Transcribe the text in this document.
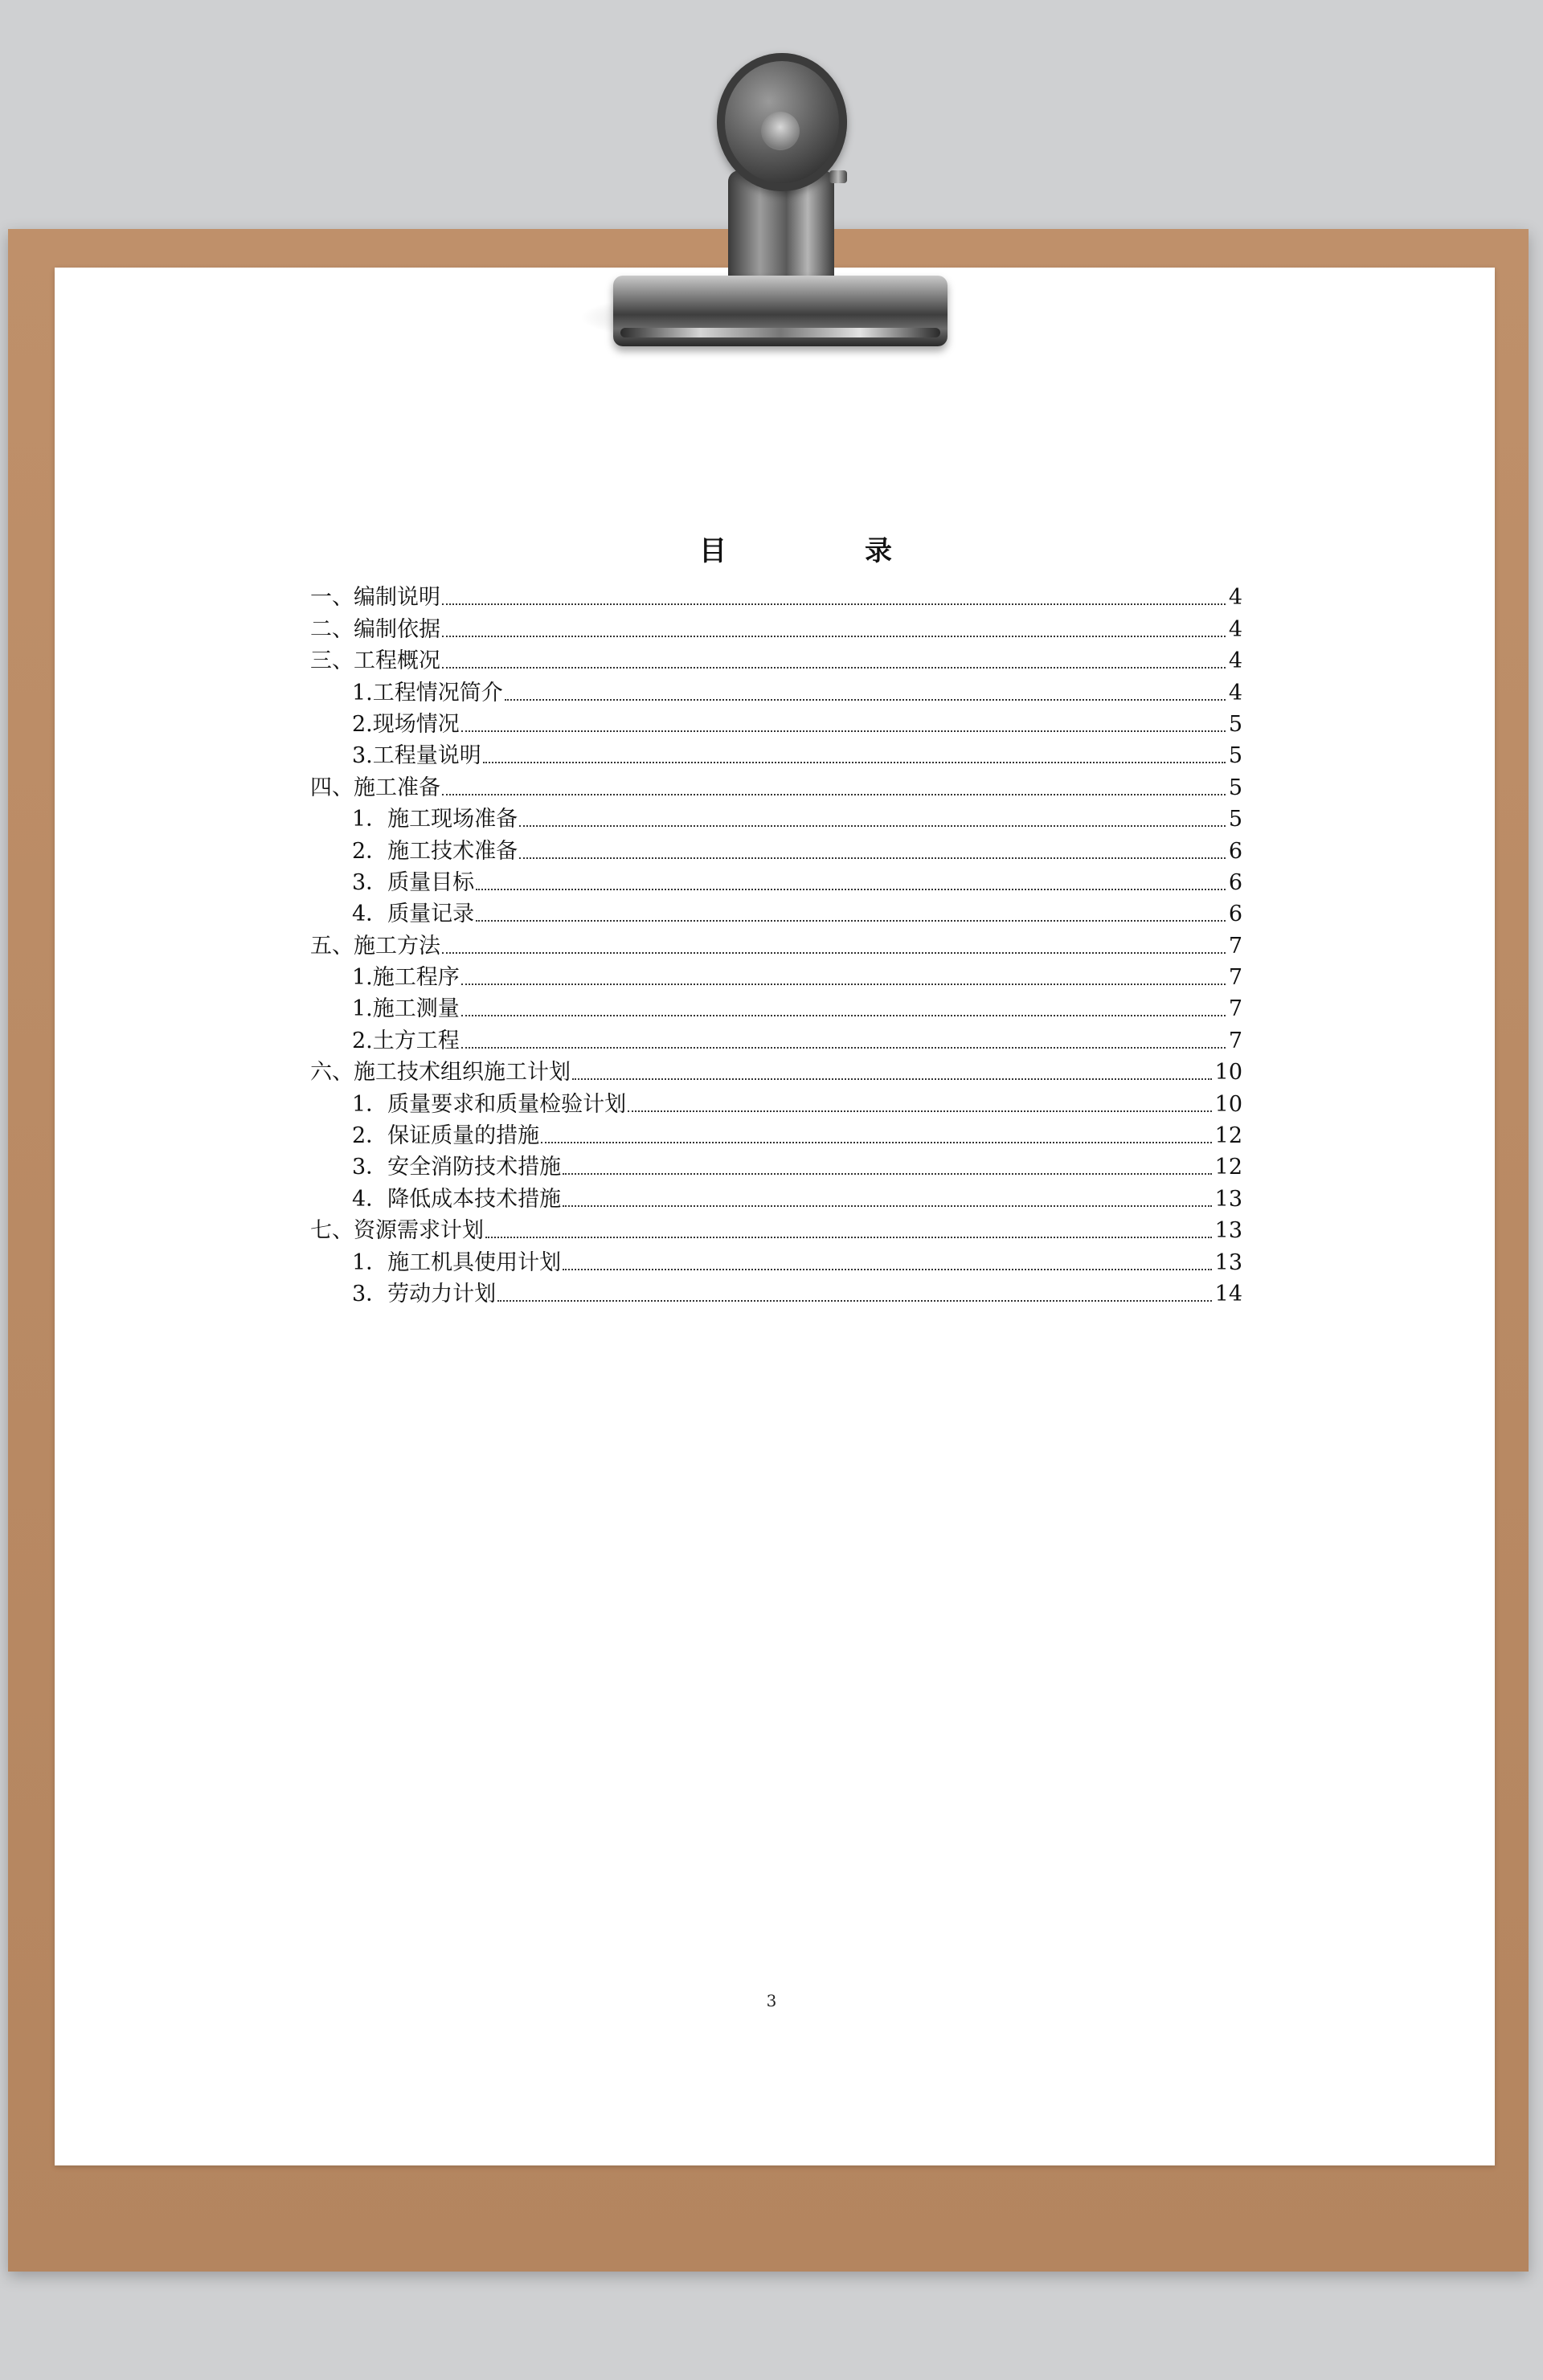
目	录
一、编制说明	4
二、编制依据	4
三、工程概况	4
1.工程情况简介	4
2.现场情况	5
3.工程量说明	5
四、施工准备	5
1．施工现场准备	5
2．施工技术准备	6
3．质量目标	6
4．质量记录	6
五、施工方法	7
1.施工程序	7
1.施工测量	7
2.土方工程	7
六、施工技术组织施工计划	10
1．质量要求和质量检验计划	10
2．保证质量的措施	12
3．安全消防技术措施	12
4．降低成本技术措施	13
七、资源需求计划	13
1．施工机具使用计划	13
3．劳动力计划	14
3
